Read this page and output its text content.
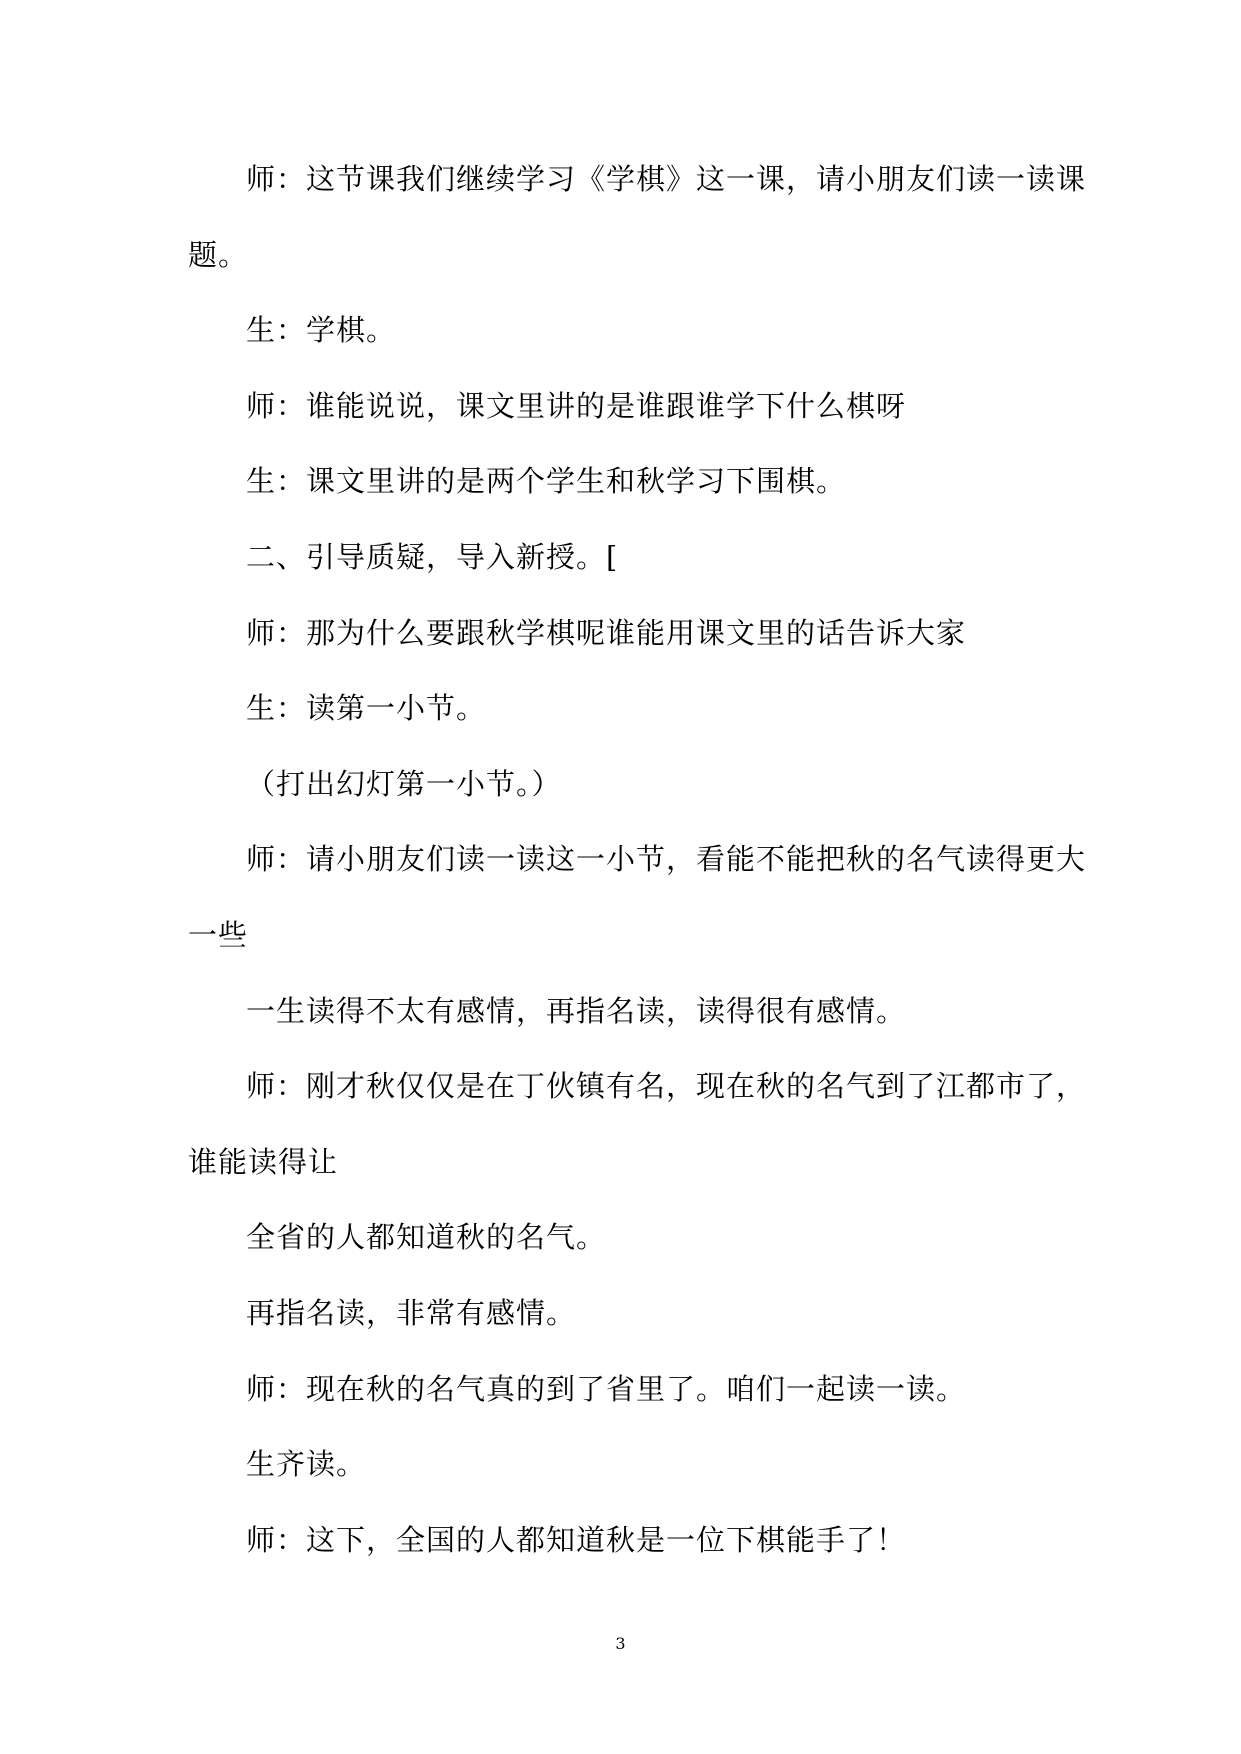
师：这节课我们继续学习《学棋》这一课，请小朋友们读一读课

题。

生：学棋。

师：谁能说说，课文里讲的是谁跟谁学下什么棋呀

生：课文里讲的是两个学生和秋学习下围棋。

二、引导质疑，导入新授。[

师：那为什么要跟秋学棋呢谁能用课文里的话告诉大家

生：读第一小节。

（打出幻灯第一小节。）

师：请小朋友们读一读这一小节，看能不能把秋的名气读得更大

一些

一生读得不太有感情，再指名读，读得很有感情。

师：刚才秋仅仅是在丁伙镇有名，现在秋的名气到了江都市了，

谁能读得让

全省的人都知道秋的名气。

再指名读，非常有感情。

师：现在秋的名气真的到了省里了。咱们一起读一读。

生齐读。

师：这下，全国的人都知道秋是一位下棋能手了！

3
